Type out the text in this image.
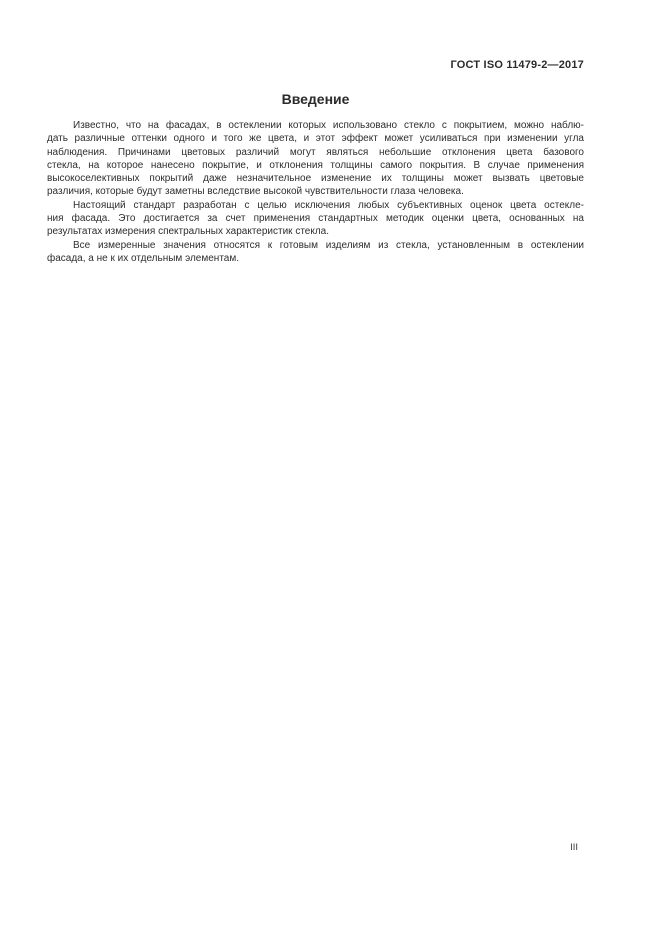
ГОСТ ISO 11479-2—2017
Введение
Известно, что на фасадах, в остеклении которых использовано стекло с покрытием, можно наблю-
дать различные оттенки одного и того же цвета, и этот эффект может усиливаться при изменении угла
наблюдения. Причинами цветовых различий могут являться небольшие отклонения цвета базового
стекла, на которое нанесено покрытие, и отклонения толщины самого покрытия. В случае применения
высокоселективных покрытий даже незначительное изменение их толщины может вызвать цветовые
различия, которые будут заметны вследствие высокой чувствительности глаза человека.
Настоящий стандарт разработан с целью исключения любых субъективных оценок цвета остекле-
ния фасада. Это достигается за счет применения стандартных методик оценки цвета, основанных на
результатах измерения спектральных характеристик стекла.
Все измеренные значения относятся к готовым изделиям из стекла, установленным в остеклении
фасада, а не к их отдельным элементам.
III
